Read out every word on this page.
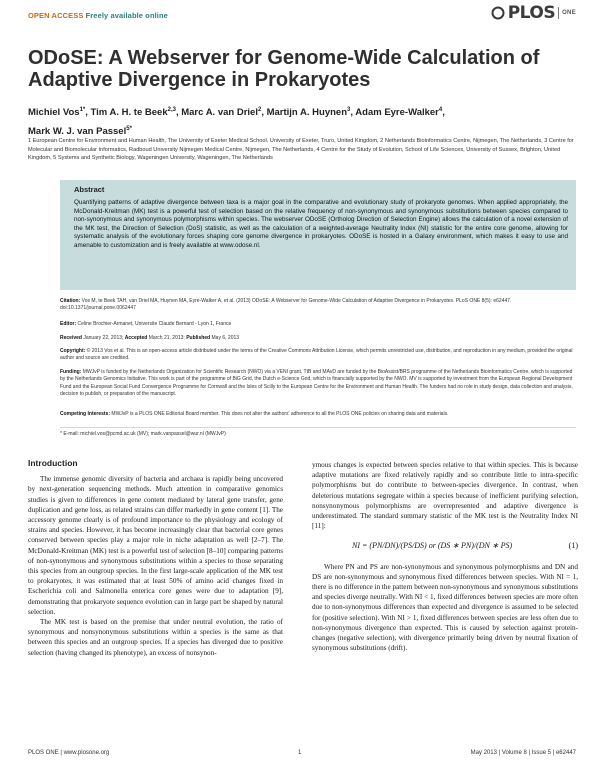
OPEN ACCESS Freely available online	PLOS ONE
ODoSE: A Webserver for Genome-Wide Calculation of Adaptive Divergence in Prokaryotes
Michiel Vos$^{1*}$, Tim A. H. te Beek$^{2,3}$, Marc A. van Driel$^2$, Martijn A. Huynen$^3$, Adam Eyre-Walker$^4$,
Mark W. J. van Passel$^{5*}$
1 European Centre for Environment and Human Health, The University of Exeter Medical School, University of Exeter, Truro, United Kingdom, 2 Netherlands Bioinformatics Centre, Nijmegen, The Netherlands, 3 Centre for Molecular and Biomolecular Informatics, Radboud University Nijmegen Medical Centre, Nijmegen, The Netherlands, 4 Centre for the Study of Evolution, School of Life Sciences, University of Sussex, Brighton, United Kingdom, 5 Systems and Synthetic Biology, Wageningen University, Wageningen, The Netherlands
Abstract
Quantifying patterns of adaptive divergence between taxa is a major goal in the comparative and evolutionary study of prokaryote genomes. When applied appropriately, the McDonald-Kreitman (MK) test is a powerful test of selection based on the relative frequency of non-synonymous and synonymous substitutions between species compared to non-synonymous and synonymous polymorphisms within species. The webserver ODoSE (Ortholog Direction of Selection Engine) allows the calculation of a novel extension of the MK test, the Direction of Selection (DoS) statistic, as well as the calculation of a weighted-average Neutrality Index (NI) statistic for the entire core genome, allowing for systematic analysis of the evolutionary forces shaping core genome divergence in prokaryotes. ODoSE is hosted in a Galaxy environment, which makes it easy to use and amenable to customization and is freely available at www.odose.nl.
Citation: Vos M, te Beek TAH, van Driel MA, Huynen MA, Eyre-Walker A, et al. (2013) ODoSE: A Webserver for Genome-Wide Calculation of Adaptive Divergence in Prokaryotes. PLoS ONE 8(5): e62447. doi:10.1371/journal.pone.0062447
Editor: Celine Brochier-Armanet, Universite Claude Bernard - Lyon 1, France
Received January 22, 2013; Accepted March 21, 2013; Published May 6, 2013
Copyright: © 2013 Vos et al. This is an open-access article distributed under the terms of the Creative Commons Attribution License, which permits unrestricted use, distribution, and reproduction in any medium, provided the original author and source are credited.
Funding: MWJvP is funded by the Netherlands Organization for Scientific Research (NWO) via a VENI grant. TtB and MAvD are funded by the BioAssist/BRS programme of the Netherlands Bioinformatics Centre, which is supported by the Netherlands Genomics Initiative. This work is part of the programme of BiG Grid, the Dutch e-Science Grid, which is financially supported by the NWO. MV is supported by investment from the European Regional Development Fund and the European Social Fund Convergence Programme for Cornwall and the Isles of Scilly to the European Centre for the Environment and Human Health. The funders had no role in study design, data collection and analysis, decision to publish, or preparation of the manuscript.
Competing Interests: MWJvP is a PLOS ONE Editorial Board member. This does not alter the authors' adherence to all the PLOS ONE policies on sharing data and materials.
* E-mail: michiel.vos@pcmd.ac.uk (MV); mark.vanpassel@wur.nl (MWJvP)
Introduction

The immense genomic diversity of bacteria and archaea is rapidly being uncovered by next-generation sequencing methods. Much attention in comparative genomics studies is given to differences in gene content mediated by lateral gene transfer, gene duplication and gene loss, as related strains can differ markedly in gene content [1]. The accessory genome clearly is of profound importance to the physiology and ecology of strains and species. However, it has become increasingly clear that bacterial core genes conserved between species play a major role in niche adaptation as well [2–7]. The McDonald-Kreitman (MK) test is a powerful test of selection [8–10] comparing patterns of non-synonymous and synonymous substitutions within a species to those separating this species from an outgroup species. In the first large-scale application of the MK test to prokaryotes, it was estimated that at least 50% of amino acid changes fixed in Escherichia coli and Salmonella enterica core genes were due to adaptation [9], demonstrating that prokaryote sequence evolution can in large part be shaped by natural selection.

The MK test is based on the premise that under neutral evolution, the ratio of synonymous and nonsynonymous substitutions within a species is the same as that between this species and an outgroup species. If a species has diverged due to positive selection (having changed its phenotype), an excess of nonsynon-

ymous changes is expected between species relative to that within species. This is because adaptive mutations are fixed relatively rapidly and so contribute little to intra-specific polymorphisms but do contribute to between-species divergence. In contrast, when deleterious mutations segregate within a species because of inefficient purifying selection, nonsynonymous polymorphisms are overrepresented and adaptive divergence is underestimated. The standard summary statistic of the MK test is the Neutrality Index NI [11]:

NI = (PN/DN)/(PS/DS) or (DS ∗ PN)/(DN ∗ PS)	(1)

Where PN and PS are non-synonymous and synonymous polymorphisms and DN and DS are non-synonymous and synonymous fixed differences between species. With NI = 1, there is no difference in the pattern between non-synonymous and synonymous substitutions and species diverge neutrally. With NI < 1, fixed differences between species are more often due to non-synonymous differences than expected and divergence is assumed to be selected for (positive selection). With NI > 1, fixed differences between species are less often due to non-synonymous divergence than expected. This is caused by selection against protein-changes (negative selection), with divergence primarily being driven by neutral fixation of synonymous substitutions (drift).

PLOS ONE | www.plosone.org	1	May 2013 | Volume 8 | Issue 5 | e62447
